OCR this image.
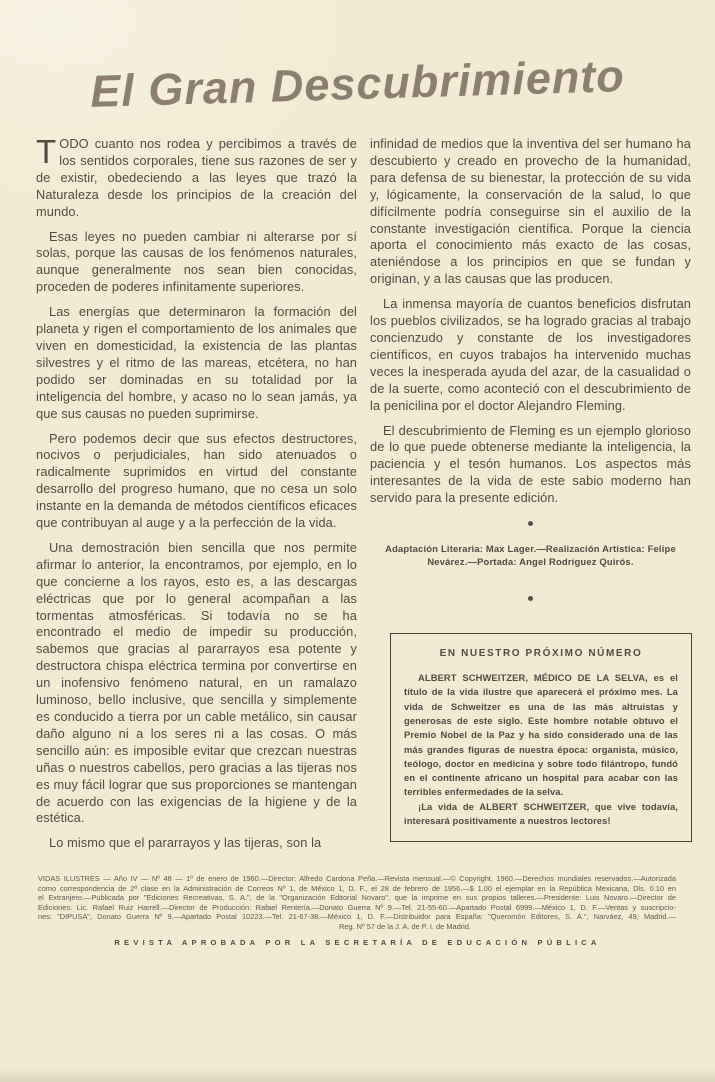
El Gran Descubrimiento

TODO cuanto nos rodea y percibimos a través de los sentidos corporales, tiene sus razones de ser y de existir, obedeciendo a las leyes que trazó la Naturaleza desde los principios de la creación del mundo.

Esas leyes no pueden cambiar ni alterarse por sí solas, porque las causas de los fenómenos naturales, aunque generalmente nos sean bien conocidas, proceden de poderes infinitamente superiores.

Las energías que determinaron la formación del planeta y rigen el comportamiento de los animales que viven en domesticidad, la existencia de las plantas silvestres y el ritmo de las mareas, etcétera, no han podido ser dominadas en su totalidad por la inteligencia del hombre, y acaso no lo sean jamás, ya que sus causas no pueden suprimirse.

Pero podemos decir que sus efectos destructores, nocivos o perjudiciales, han sido atenuados o radicalmente suprimidos en virtud del constante desarrollo del progreso humano, que no cesa un solo instante en la demanda de métodos científicos eficaces que contribuyan al auge y a la perfección de la vida.

Una demostración bien sencilla que nos permite afirmar lo anterior, la encontramos, por ejemplo, en lo que concierne a los rayos, esto es, a las descargas eléctricas que por lo general acompañan a las tormentas atmosféricas. Si todavía no se ha encontrado el medio de impedir su producción, sabemos que gracias al pararrayos esa potente y destructora chispa eléctrica termina por convertirse en un inofensivo fenómeno natural, en un ramalazo luminoso, bello inclusive, que sencilla y simplemente es conducido a tierra por un cable metálico, sin causar daño alguno ni a los seres ni a las cosas. O más sencillo aún: es imposible evitar que crezcan nuestras uñas o nuestros cabellos, pero gracias a las tijeras nos es muy fácil lograr que sus proporciones se mantengan de acuerdo con las exigencias de la higiene y de la estética.

Lo mismo que el pararrayos y las tijeras, son la

infinidad de medios que la inventiva del ser humano ha descubierto y creado en provecho de la humanidad, para defensa de su bienestar, la protección de su vida y, lógicamente, la conservación de la salud, lo que difícilmente podría conseguirse sin el auxilio de la constante investigación científica. Porque la ciencia aporta el conocimiento más exacto de las cosas, ateniéndose a los principios en que se fundan y originan, y a las causas que las producen.

La inmensa mayoría de cuantos beneficios disfrutan los pueblos civilizados, se ha logrado gracias al trabajo concienzudo y constante de los investigadores científicos, en cuyos trabajos ha intervenido muchas veces la inesperada ayuda del azar, de la casualidad o de la suerte, como aconteció con el descubrimiento de la penicilina por el doctor Alejandro Fleming.

El descubrimiento de Fleming es un ejemplo glorioso de lo que puede obtenerse mediante la inteligencia, la paciencia y el tesón humanos. Los aspectos más interesantes de la vida de este sabio moderno han servido para la presente edición.

Adaptación Literaria: Max Lager.—Realización Artística: Felipe Nevárez.—Portada: Angel Rodríguez Quirós.

EN NUESTRO PRÓXIMO NÚMERO

ALBERT SCHWEITZER, MÉDICO DE LA SELVA, es el título de la vida ilustre que aparecerá el próximo mes. La vida de Schweitzer es una de las más altruistas y generosas de este siglo. Este hombre notable obtuvo el Premio Nobel de la Paz y ha sido considerado una de las más grandes figuras de nuestra época: organista, músico, teólogo, doctor en medicina y sobre todo filántropo, fundó en el continente africano un hospital para acabar con las terribles enfermedades de la selva.

¡La vida de ALBERT SCHWEITZER, que vive todavía, interesará positivamente a nuestros lectores!

VIDAS ILUSTRES — Año IV — Nº 48 — 1º de enero de 1960.—Director: Alfredo Cardona Peña.—Revista mensual.—© Copyright, 1960.—Derechos mundiales reservados.—Autorizada
como correspondencia de 2ª clase en la Administración de Correos Nº 1, de México 1, D. F., el 28 de febrero de 1956.—$ 1.00 el ejemplar en la República Mexicana, Dls. 0.10 en
el Extranjero.—Publicada por "Ediciones Recreativas, S. A.", de la "Organización Editorial Novaro", que la imprime en sus propios talleres.—Presidente: Luis Novaro.—Director de
Ediciones: Lic. Rafael Ruiz Harrell.—Director de Producción: Rafael Rentería.—Donato Guerra Nº 9.—Tel. 21-55-60.—Apartado Postal 6999.—México 1, D. F.—Ventas y suscripcio-
nes: "DIPUSA", Donato Guerra Nº 9.—Apartado Postal 10223.—Tel. 21-67-38.—México 1, D. F.—Distribuidor para España: "Queromón Editores, S. A.", Narváez, 49, Madrid.—
Reg. Nº 57 de la J. A. de P. I. de Madrid.
REVISTA APROBADA POR LA SECRETARÍA DE EDUCACIÓN PÚBLICA
